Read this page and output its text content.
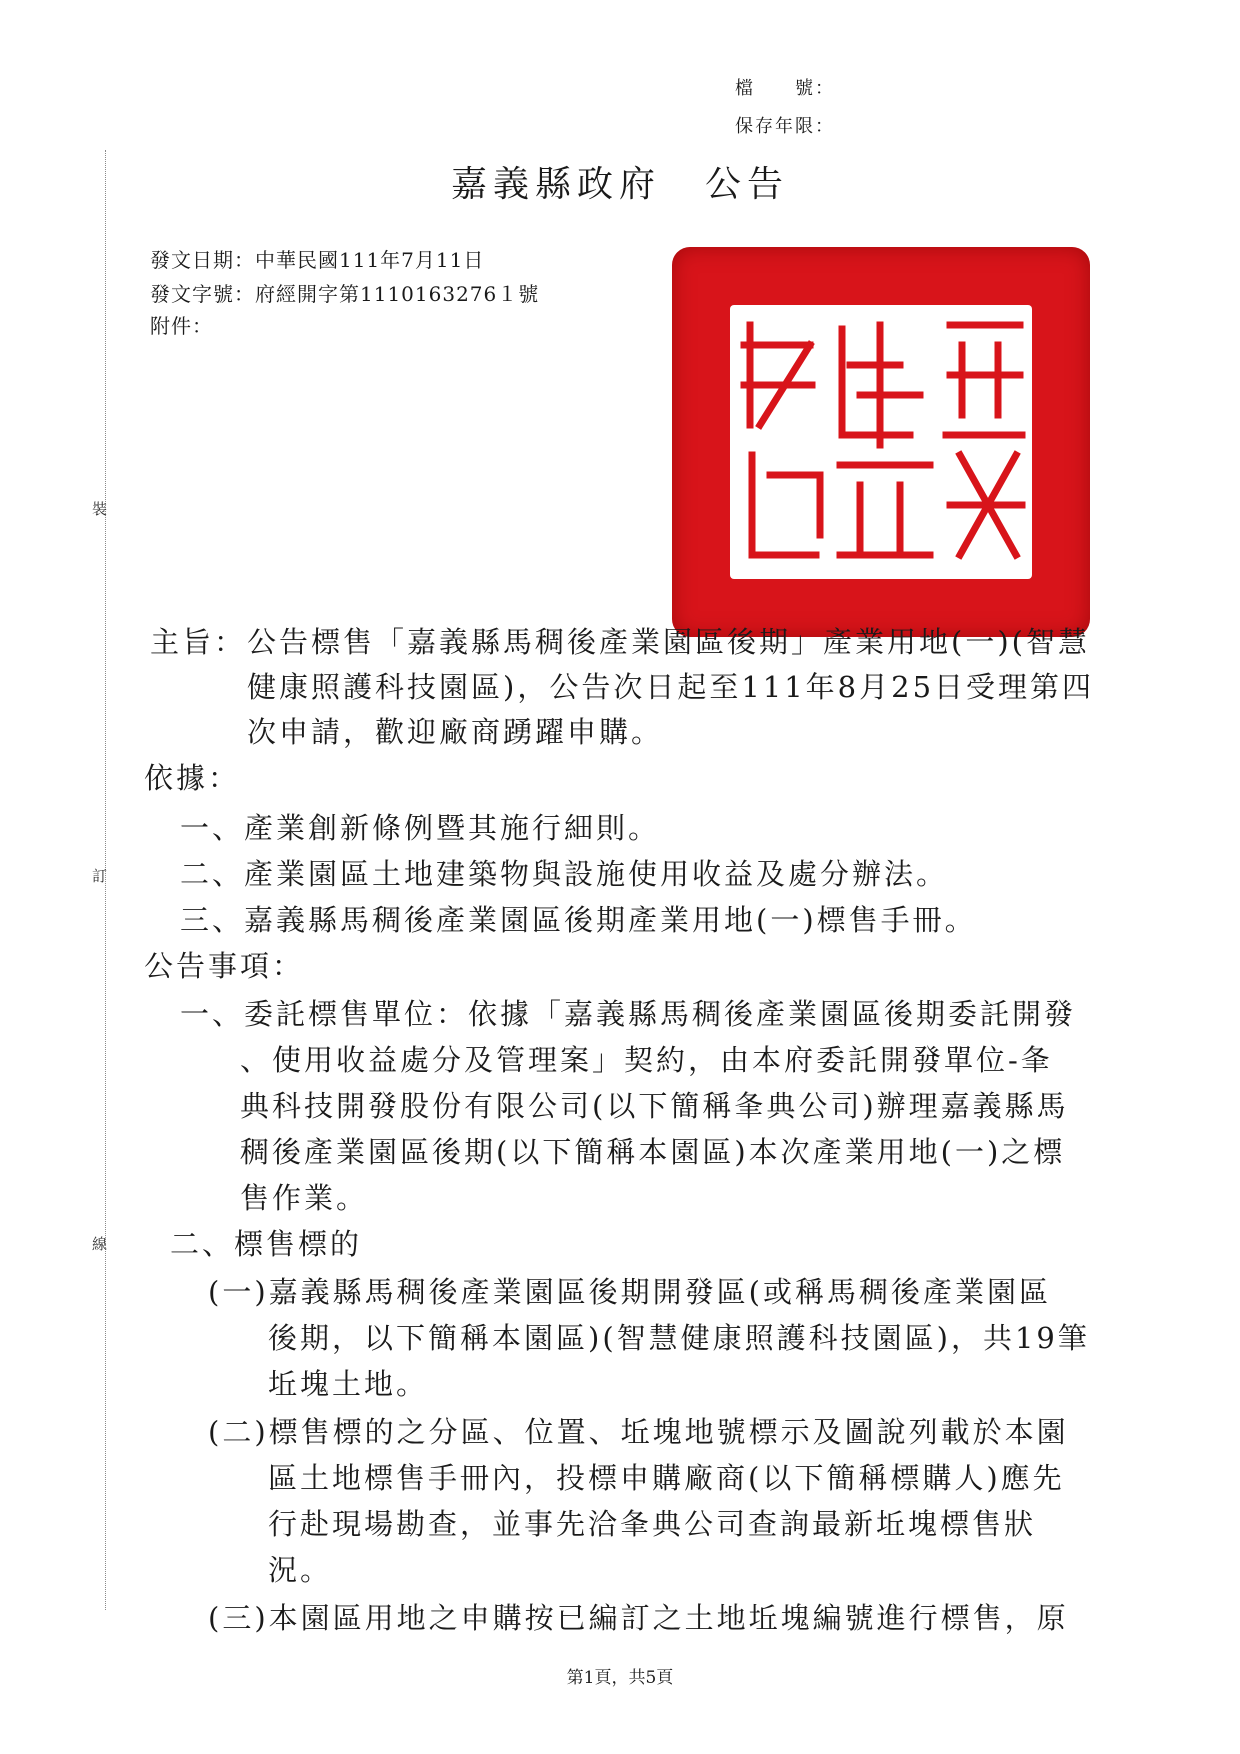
裝
訂
線
檔　　號：
保存年限：
嘉義縣政府 公告
發文日期：中華民國111年7月11日
發文字號：府經開字第1110163276１號
附件：
主旨： 公告標售「嘉義縣馬稠後產業園區後期」產業用地(一)(智慧
健康照護科技園區)，公告次日起至111年8月25日受理第四
次申請，歡迎廠商踴躍申購。
依據：
一、產業創新條例暨其施行細則。
二、產業園區土地建築物與設施使用收益及處分辦法。
三、嘉義縣馬稠後產業園區後期產業用地(一)標售手冊。
公告事項：
一、委託標售單位：依據「嘉義縣馬稠後產業園區後期委託開發
、使用收益處分及管理案」契約，由本府委託開發單位-夆
典科技開發股份有限公司(以下簡稱夆典公司)辦理嘉義縣馬
稠後產業園區後期(以下簡稱本園區)本次產業用地(一)之標
售作業。
二、標售標的
(一)嘉義縣馬稠後產業園區後期開發區(或稱馬稠後產業園區
後期，以下簡稱本園區)(智慧健康照護科技園區)，共19筆
坵塊土地。
(二)標售標的之分區、位置、坵塊地號標示及圖說列載於本園
區土地標售手冊內，投標申購廠商(以下簡稱標購人)應先
行赴現場勘查，並事先洽夆典公司查詢最新坵塊標售狀
況。
(三)本園區用地之申購按已編訂之土地坵塊編號進行標售，原
第1頁，共5頁
